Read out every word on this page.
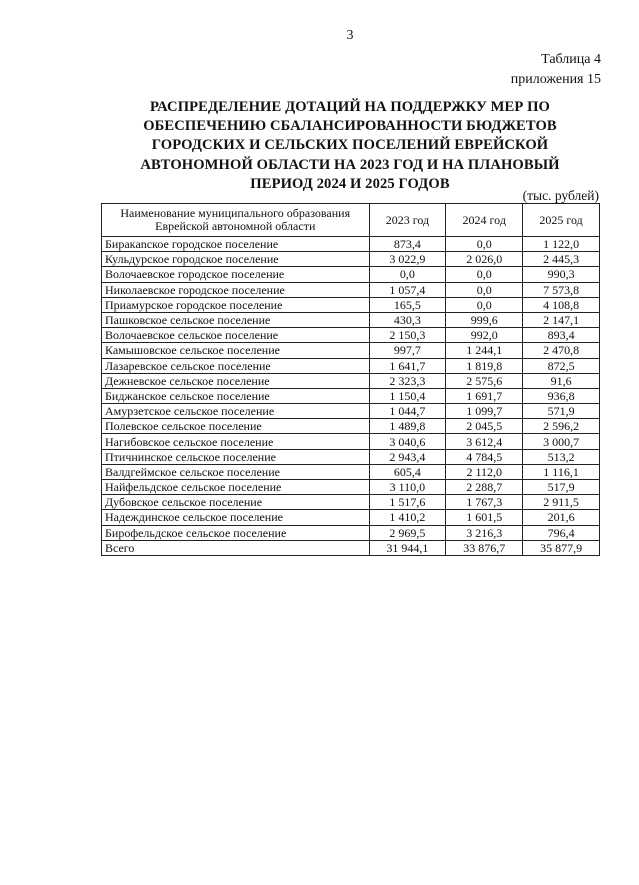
3
Таблица 4
приложения 15
РАСПРЕДЕЛЕНИЕ ДОТАЦИЙ НА ПОДДЕРЖКУ МЕР ПО
ОБЕСПЕЧЕНИЮ СБАЛАНСИРОВАННОСТИ БЮДЖЕТОВ
ГОРОДСКИХ И СЕЛЬСКИХ ПОСЕЛЕНИЙ ЕВРЕЙСКОЙ
АВТОНОМНОЙ ОБЛАСТИ НА 2023 ГОД И НА ПЛАНОВЫЙ
ПЕРИОД 2024 И 2025 ГОДОВ
(тыс. рублей)
Наименование муниципального образования Еврейской автономной области	2023 год	2024 год	2025 год
Биракanское городское поселение	873,4	0,0	1 122,0
Кульдурское городское поселение	3 022,9	2 026,0	2 445,3
Волочаевское городское поселение	0,0	0,0	990,3
Николаевское городское поселение	1 057,4	0,0	7 573,8
Приамурское городское поселение	165,5	0,0	4 108,8
Пашковское сельское поселение	430,3	999,6	2 147,1
Волочаевское сельское поселение	2 150,3	992,0	893,4
Камышовское сельское поселение	997,7	1 244,1	2 470,8
Лазаревское сельское поселение	1 641,7	1 819,8	872,5
Дежневское сельское поселение	2 323,3	2 575,6	91,6
Биджанское сельское поселение	1 150,4	1 691,7	936,8
Амурзетское сельское поселение	1 044,7	1 099,7	571,9
Полевское сельское поселение	1 489,8	2 045,5	2 596,2
Нагибовское сельское поселение	3 040,6	3 612,4	3 000,7
Птичнинское сельское поселение	2 943,4	4 784,5	513,2
Валдгеймское сельское поселение	605,4	2 112,0	1 116,1
Найфельдское сельское поселение	3 110,0	2 288,7	517,9
Дубовское сельское поселение	1 517,6	1 767,3	2 911,5
Надеждинское сельское поселение	1 410,2	1 601,5	201,6
Бирофельдское сельское поселение	2 969,5	3 216,3	796,4
Всего	31 944,1	33 876,7	35 877,9
